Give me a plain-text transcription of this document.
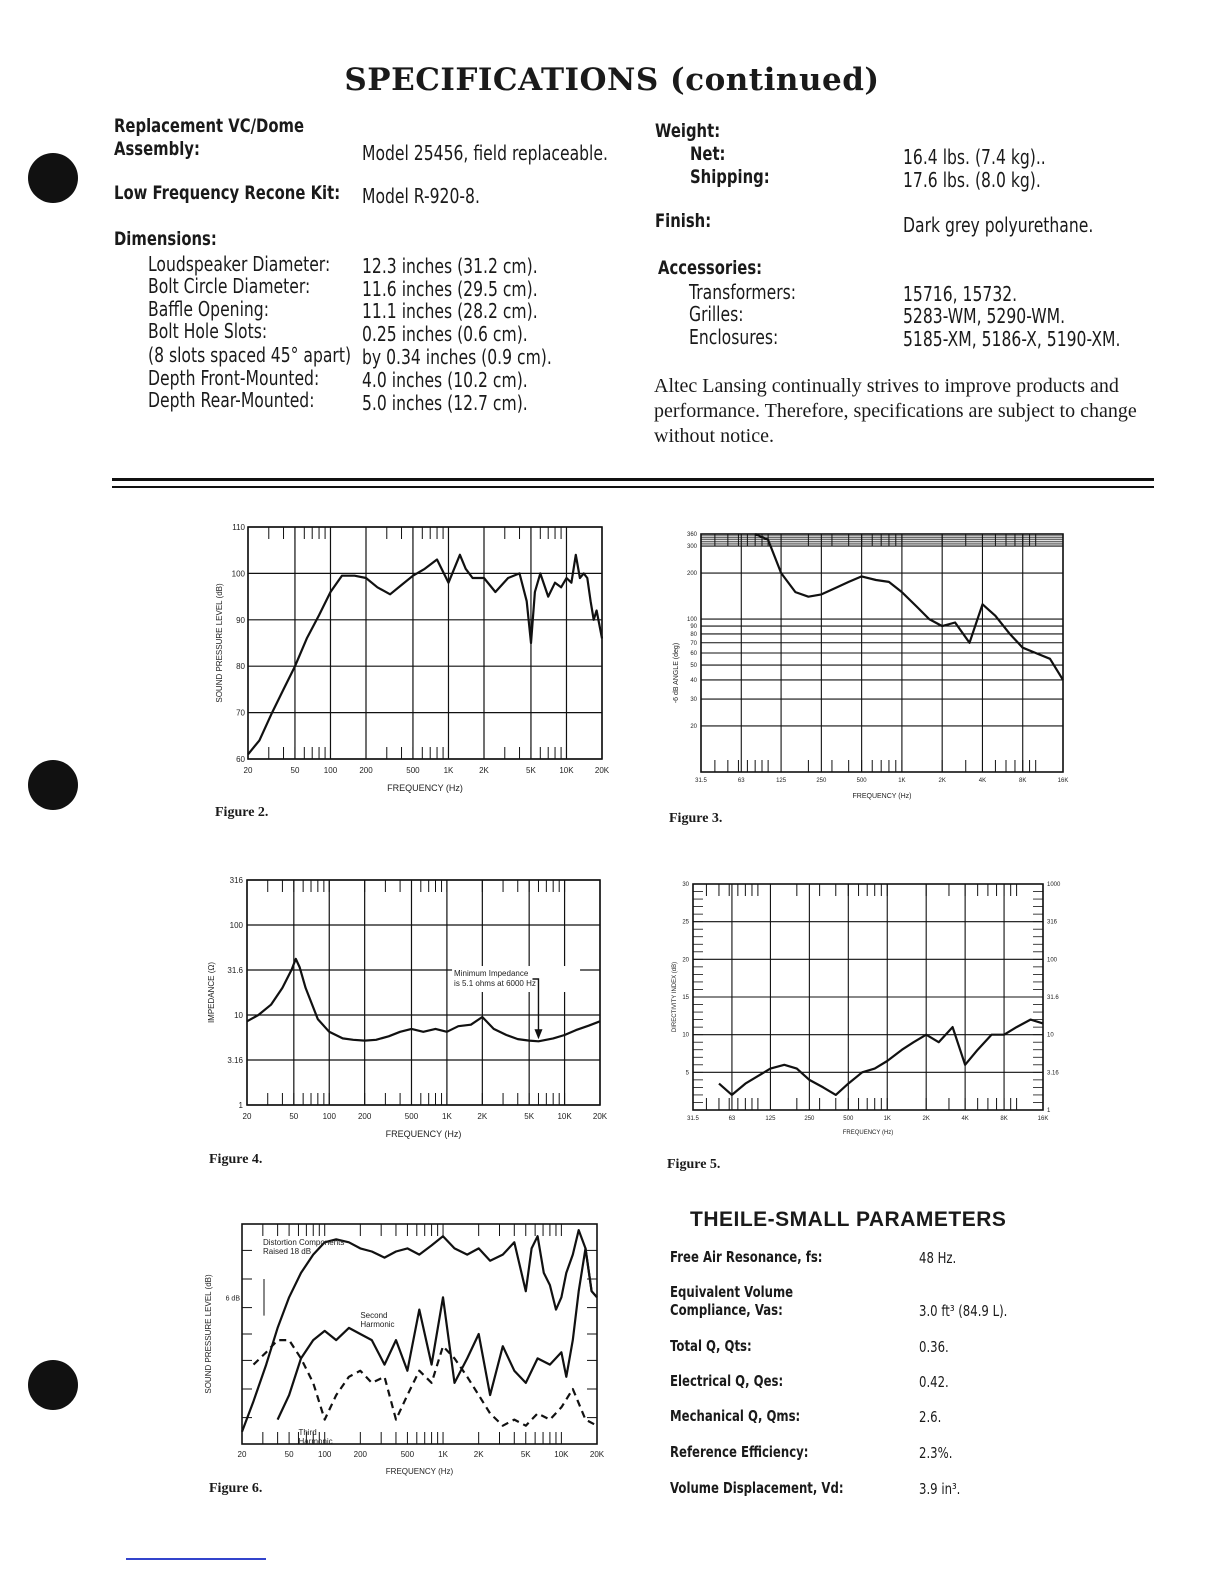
SPECIFICATIONS (continued)
Replacement VC/Dome
Assembly:	Model 25456, field replaceable.
Low Frequency Recone Kit: Model R-920-8.
Dimensions:
Loudspeaker Diameter: 12.3 inches (31.2 cm).
Bolt Circle Diameter:	11.6 inches (29.5 cm).
Baffle Opening:	11.1 inches (28.2 cm).
Bolt Hole Slots:	0.25 inches (0.6 cm).
(8 slots spaced 45° apart) by 0.34 inches (0.9 cm).
Depth Front-Mounted: 4.0 inches (10.2 cm).
Depth Rear-Mounted: 5.0 inches (12.7 cm).
Weight:
Net:	16.4 lbs. (7.4 kg)..
Shipping:	17.6 lbs. (8.0 kg).
Finish:	Dark grey polyurethane.
Accessories:
Transformers:	15716, 15732.
Grilles:	5283-WM, 5290-WM.
Enclosures:	5185-XM, 5186-X, 5190-XM.
Altec Lansing continually strives to improve products and performance. Therefore, specifications are subject to change without notice.
20	50	100	200	500	1K	2K	5K	10K	20K
60
70
80
90
100
110
FREQUENCY (Hz)
SOUND PRESSURE LEVEL (dB)
Figure 2.
31.5	63	125	250	500	1K	2K	4K	8K	16K
20
30
40
50
60
70
80
90
100
200
300
360
FREQUENCY (Hz)
-6 dB ANGLE (deg)
Figure 3.
20	50	100	200	500	1K	2K	5K	10K	20K
1
3.16
10
31.6
100
316
Minimum Impedance
is 5.1 ohms at 6000 Hz
FREQUENCY (Hz)
IMPEDANCE (Ω)
Figure 4.
31.5	63	125	250	500	1K	2K	4K	8K	16K
1
5	3.16
10	10
15	31.6
20	100
25	316
30	1000
FREQUENCY (Hz)
DIRECTIVITY INDEX (dB)
Figure 5.
20	50	100	200	500	1K	2K	5K	10K	20K
6 dB
Distortion Components
Raised 18 dB
Second
Harmonic
Third
Harmonic
FREQUENCY (Hz)
SOUND PRESSURE LEVEL (dB)
Figure 6.
THEILE-SMALL PARAMETERS
Free Air Resonance, fs:	48 Hz.
Equivalent Volume
Compliance, Vas:	3.0 ft³ (84.9 L).
Total Q, Qts:	0.36.
Electrical Q, Qes:	0.42.
Mechanical Q, Qms:	2.6.
Reference Efficiency:	2.3%.
Volume Displacement, Vd:	3.9 in³.
